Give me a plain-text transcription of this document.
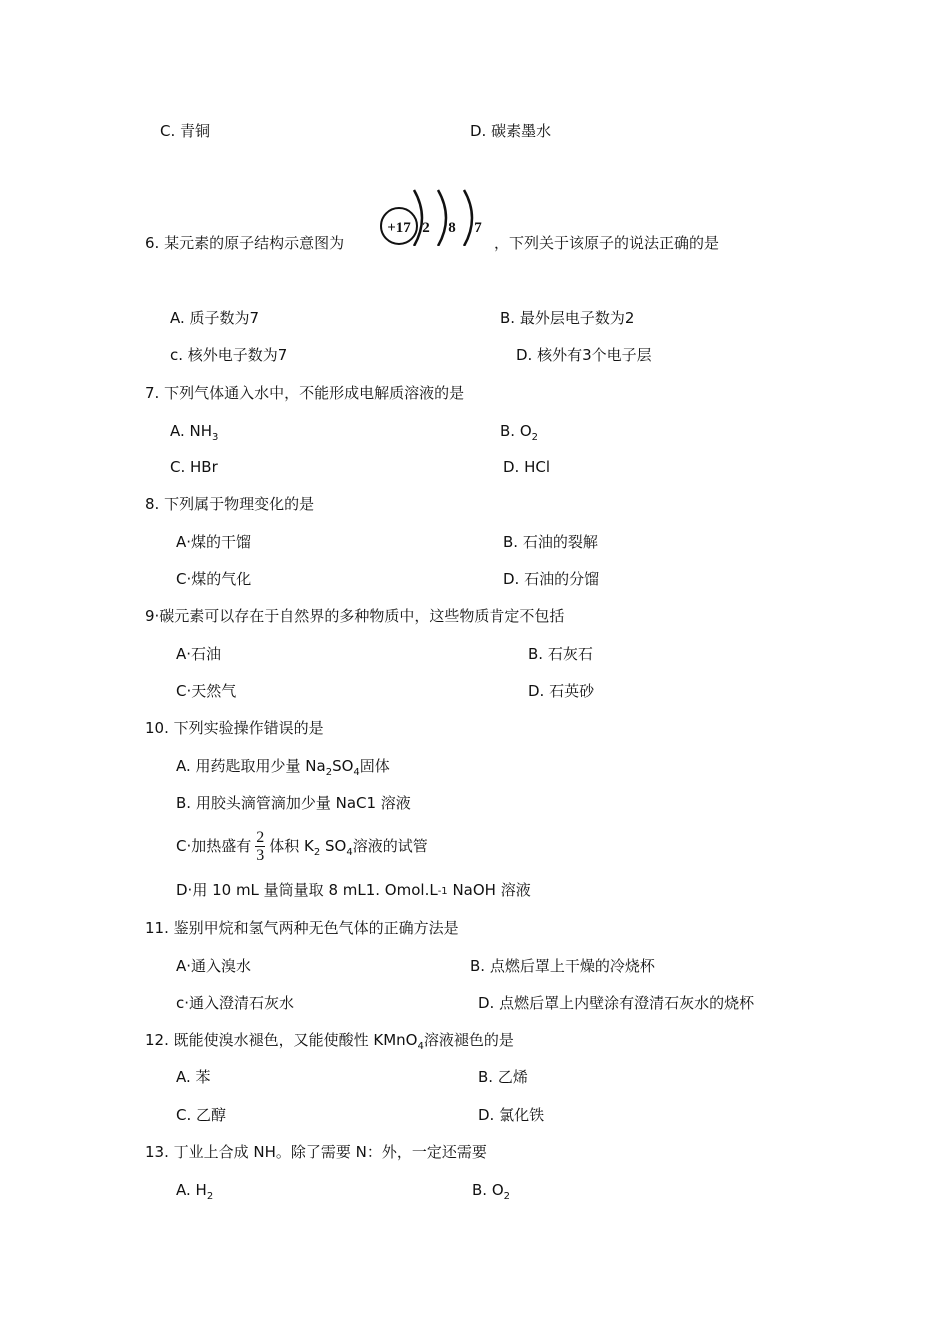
C. 青铜	D. 碳素墨水
6. 某元素的原子结构示意图为
+17 2 8 7
，下列关于该原子的说法正确的是
A. 质子数为7	B. 最外层电子数为2
c. 核外电子数为7	D. 核外有3个电子层
7. 下列气体通入水中，不能形成电解质溶液的是
A. $NH_3$	B. $O_2$
C. HBr	D. HCl
8. 下列属于物理变化的是
A·煤的干馏	B. 石油的裂解
C·煤的气化	D. 石油的分馏
9·碳元素可以存在于自然界的多种物质中，这些物质肯定不包括
A·石油	B. 石灰石
C·天然气	D. 石英砂
10. 下列实验操作错误的是
A. 用药匙取用少量 $Na_2SO_4$固体
B. 用胶头滴管滴加少量 NaC1 溶液
C·加热盛有 $\frac{2}{3}$ 体积 $K_2$ $SO_4$溶液的试管
D·用 10 mL 量筒量取 8 mL1. Omol.L-1 NaOH 溶液
11. 鉴别甲烷和氢气两种无色气体的正确方法是
A·通入溴水	B. 点燃后罩上干燥的冷烧杯
c·通入澄清石灰水	D. 点燃后罩上内壁涂有澄清石灰水的烧杯
12. 既能使溴水褪色，又能使酸性 KMnO$_4$溶液褪色的是
A. 苯	B. 乙烯
C. 乙醇	D. 氯化铁
13. 丁业上合成 NH。除了需要 N：外，一定还需要
A. $H_2$	B. $O_2$
